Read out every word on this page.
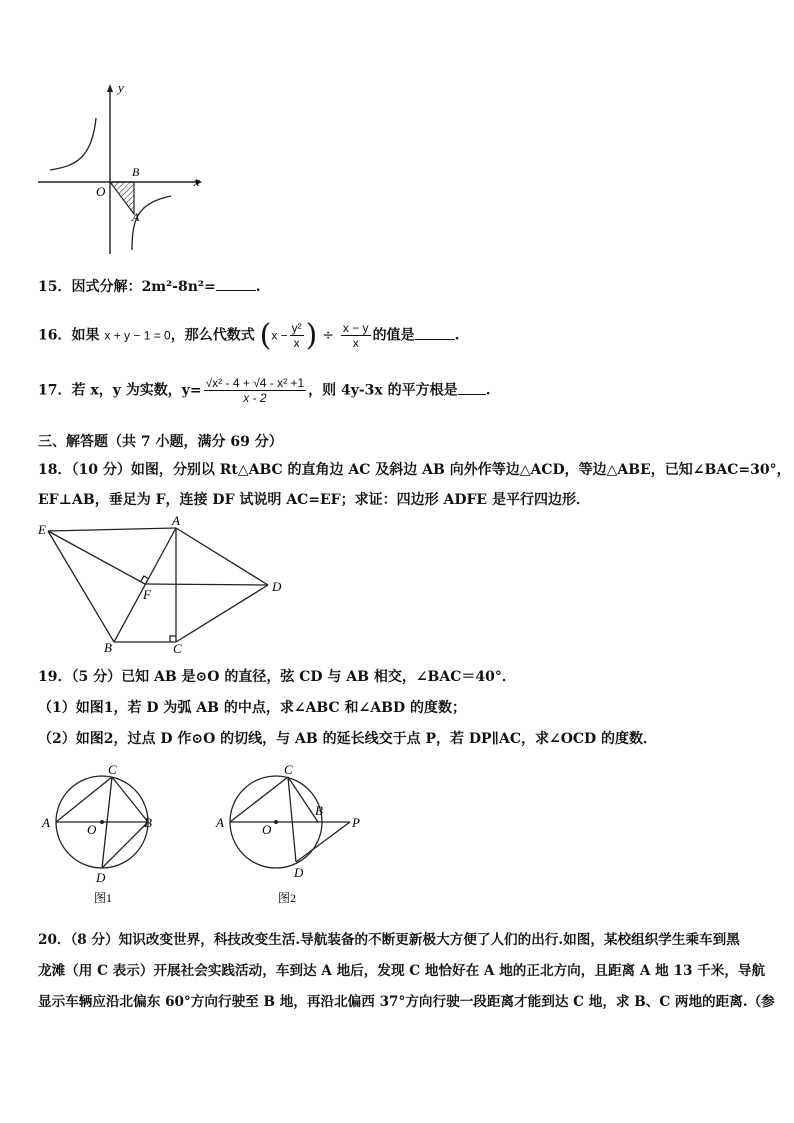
y
x
O
B
A
15．因式分解：2m²-8n²=	.
16．如果 x + y − 1 = 0，那么代数式 ($x - \frac{\text{y²}}{x}$ ) ÷ $\frac{x - y}{x}$ 的值是	.
17．若 x，y 为实数，$y= \frac{\text{√x² - 4 + √4 - x² +1}}{x - 2}$ ，则 4y-3x 的平方根是 .
三、解答题（共 7 小题，满分 69 分）
18．（10 分）如图，分别以 Rt△ABC 的直角边 AC 及斜边 AB 向外作等边△ACD，等边△ABE，已知∠BAC=30°，
EF⊥AB，垂足为 F，连接 DF 试说明 AC=EF；求证：四边形 ADFE 是平行四边形．
E
A
D
F
B	C
19．（5 分）已知 AB 是⊙O 的直径，弦 CD 与 AB 相交，∠BAC＝40°．
（1）如图1，若 D 为弧 AB 的中点，求∠ABC 和∠ABD 的度数；
（2）如图2，过点 D 作⊙O 的切线，与 AB 的延长线交于点 P，若 DP∥AC，求∠OCD 的度数．
A	B
C
D
O
图1
A
B
C
D
O	P
图2
20．（8 分）知识改变世界，科技改变生活.导航装备的不断更新极大方便了人们的出行.如图，某校组织学生乘车到黑
龙滩（用 C 表示）开展社会实践活动，车到达 A 地后，发现 C 地恰好在 A 地的正北方向，且距离 A 地 13 千米，导航
显示车辆应沿北偏东 60°方向行驶至 B 地，再沿北偏西 37°方向行驶一段距离才能到达 C 地，求 B、C 两地的距离.（参
